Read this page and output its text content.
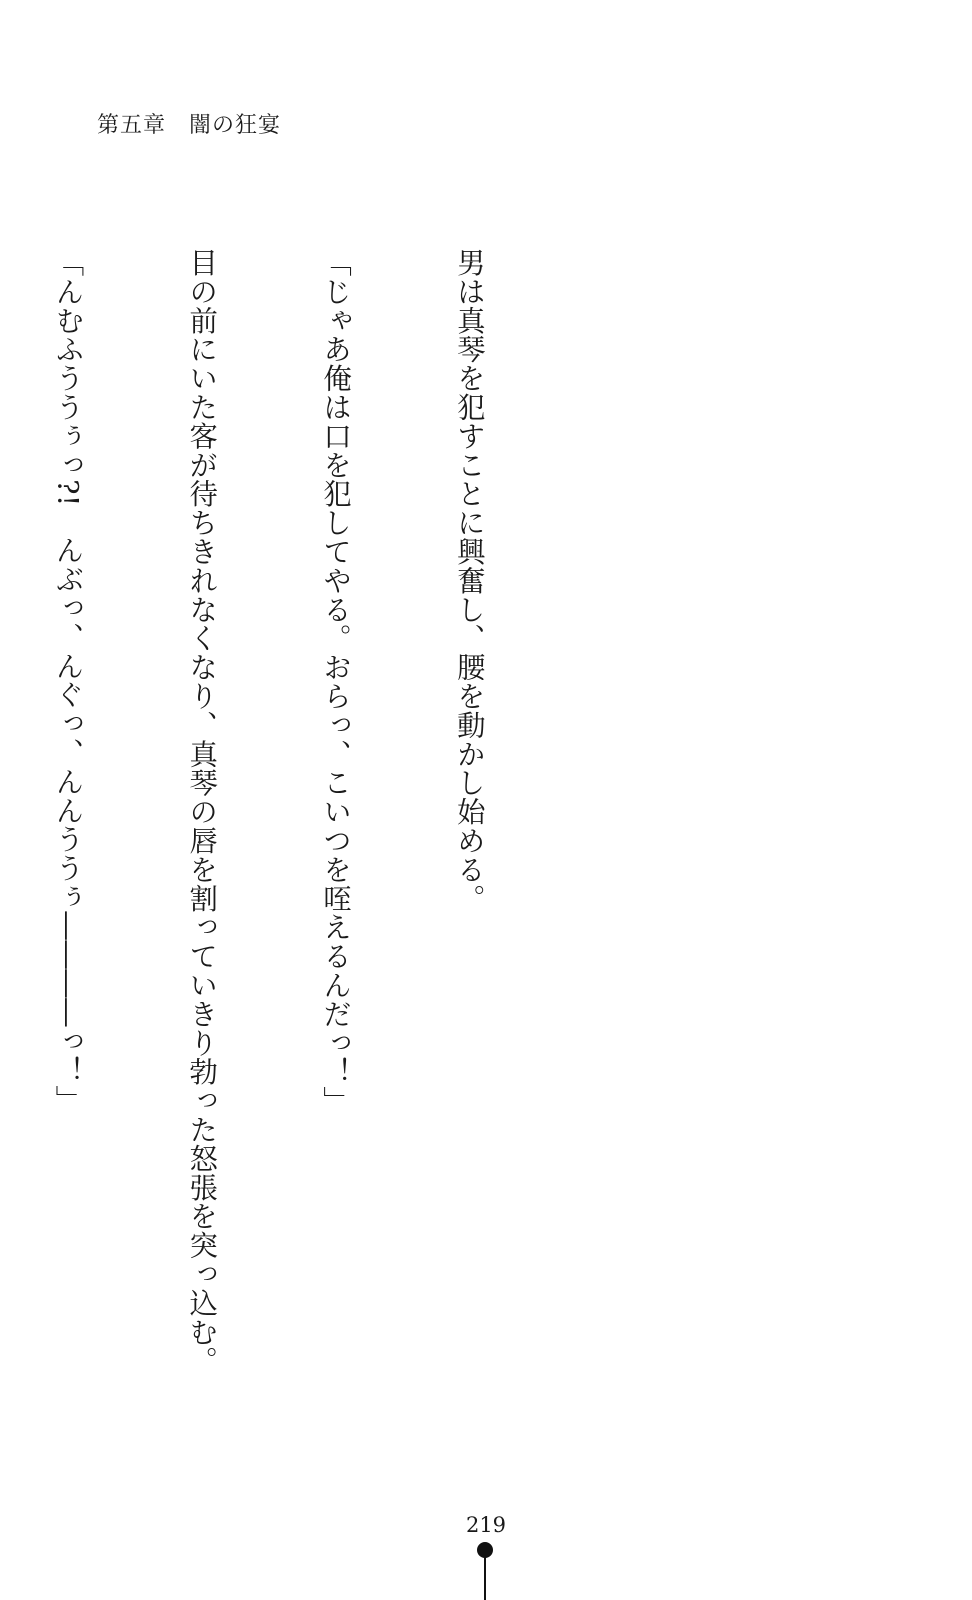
第五章　闇の狂宴

男は真琴を犯すことに興奮し、腰を動かし始める。

「じゃあ俺は口を犯してやる。おらっ、こいつを咥えるんだっ！」

目の前にいた客が待ちきれなくなり、真琴の唇を割っていきり勃った怒張を突っ込む。

「んむふううぅっ?!　んぶっ、んぐっ、んんううぅ――――っ！」

219
